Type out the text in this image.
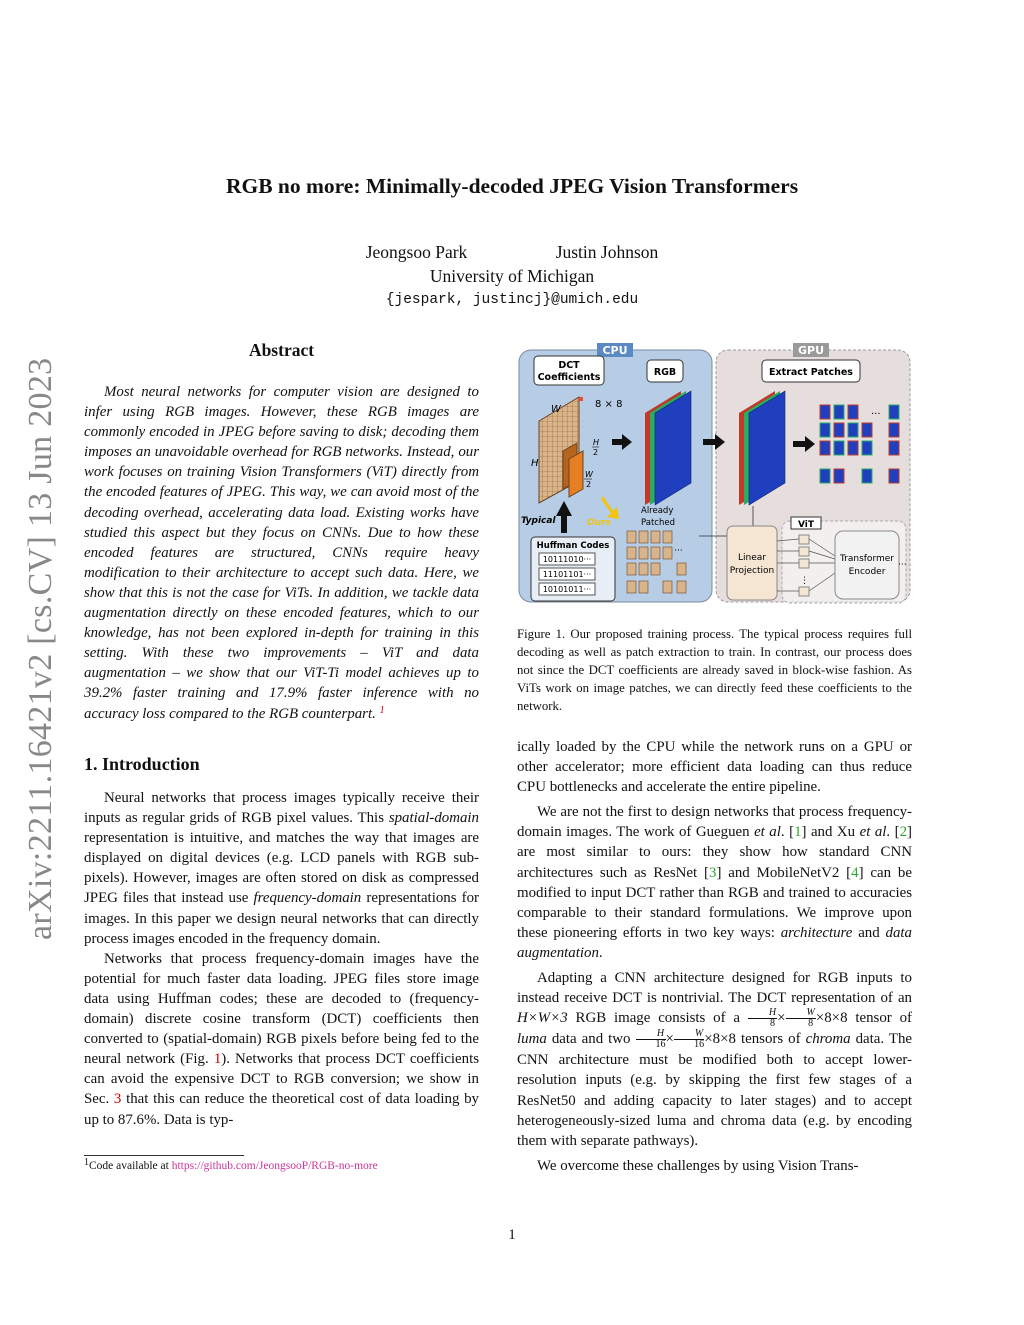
RGB no more: Minimally-decoded JPEG Vision Transformers
Jeongsoo Park	Justin Johnson
University of Michigan
{jespark, justincj}@umich.edu
arXiv:2211.16421v2 [cs.CV] 13 Jun 2023
Abstract

Most neural networks for computer vision are designed to infer using RGB images. However, these RGB images are commonly encoded in JPEG before saving to disk; decoding them imposes an unavoidable overhead for RGB networks. Instead, our work focuses on training Vision Transformers (ViT) directly from the encoded features of JPEG. This way, we can avoid most of the decoding overhead, accelerating data load. Existing works have studied this aspect but they focus on CNNs. Due to how these encoded features are structured, CNNs require heavy modification to their architecture to accept such data. Here, we show that this is not the case for ViTs. In addition, we tackle data augmentation directly on these encoded features, which to our knowledge, has not been explored in-depth for training in this setting. With these two improvements – ViT and data augmentation – we show that our ViT-Ti model achieves up to 39.2% faster training and 17.9% faster inference with no accuracy loss compared to the RGB counterpart. $^1$

1. Introduction

Neural networks that process images typically receive their inputs as regular grids of RGB pixel values. This spatial-domain representation is intuitive, and matches the way that images are displayed on digital devices (e.g. LCD panels with RGB sub-pixels). However, images are often stored on disk as compressed JPEG files that instead use frequency-domain representations for images. In this paper we design neural networks that can directly process images encoded in the frequency domain.

Networks that process frequency-domain images have the potential for much faster data loading. JPEG files store image data using Huffman codes; these are decoded to (frequency-domain) discrete cosine transform (DCT) coefficients then converted to (spatial-domain) RGB pixels before being fed to the neural network (Fig. 1). Networks that process DCT coefficients can avoid the expensive DCT to RGB conversion; we show in Sec. 3 that this can reduce the theoretical cost of data loading by up to 87.6%. Data is typ-

1Code available at https://github.com/JeongsooP/RGB-no-more
CPU	GPU
DCT
Coefficients	RGB	Extract Patches
W	8 × 8
H
H
2
W
2
···
Typical	Ours
Already
Patched
Huffman Codes
10111010···
11101101···
10101011···
···
Linear
Projection
ViT
⋮
Transformer
Encoder
···
Figure 1. Our proposed training process. The typical process requires full decoding as well as patch extraction to train. In contrast, our process does not since the DCT coefficients are already saved in block-wise fashion. As ViTs work on image patches, we can directly feed these coefficients to the network.

ically loaded by the CPU while the network runs on a GPU or other accelerator; more efficient data loading can thus reduce CPU bottlenecks and accelerate the entire pipeline.

We are not the first to design networks that process frequency-domain images. The work of Gueguen et al. [1] and Xu et al. [2] are most similar to ours: they show how standard CNN architectures such as ResNet [3] and MobileNetV2 [4] can be modified to input DCT rather than RGB and trained to accuracies comparable to their standard formulations. We improve upon these pioneering efforts in two key ways: architecture and data augmentation.

Adapting a CNN architecture designed for RGB inputs to instead receive DCT is nontrivial. The DCT representation of an H×W×3 RGB image consists of a $\frac{H}{8} \times \frac{W}{8} \times 8\times 8$ tensor of luma data and two $\frac{H}{16} \times \frac{W}{16} \times 8\times 8$ tensors of chroma data. The CNN architecture must be modified both to accept lower-resolution inputs (e.g. by skipping the first few stages of a ResNet50 and adding capacity to later stages) and to accept heterogeneously-sized luma and chroma data (e.g. by encoding them with separate pathways).

We overcome these challenges by using Vision Trans-

1
